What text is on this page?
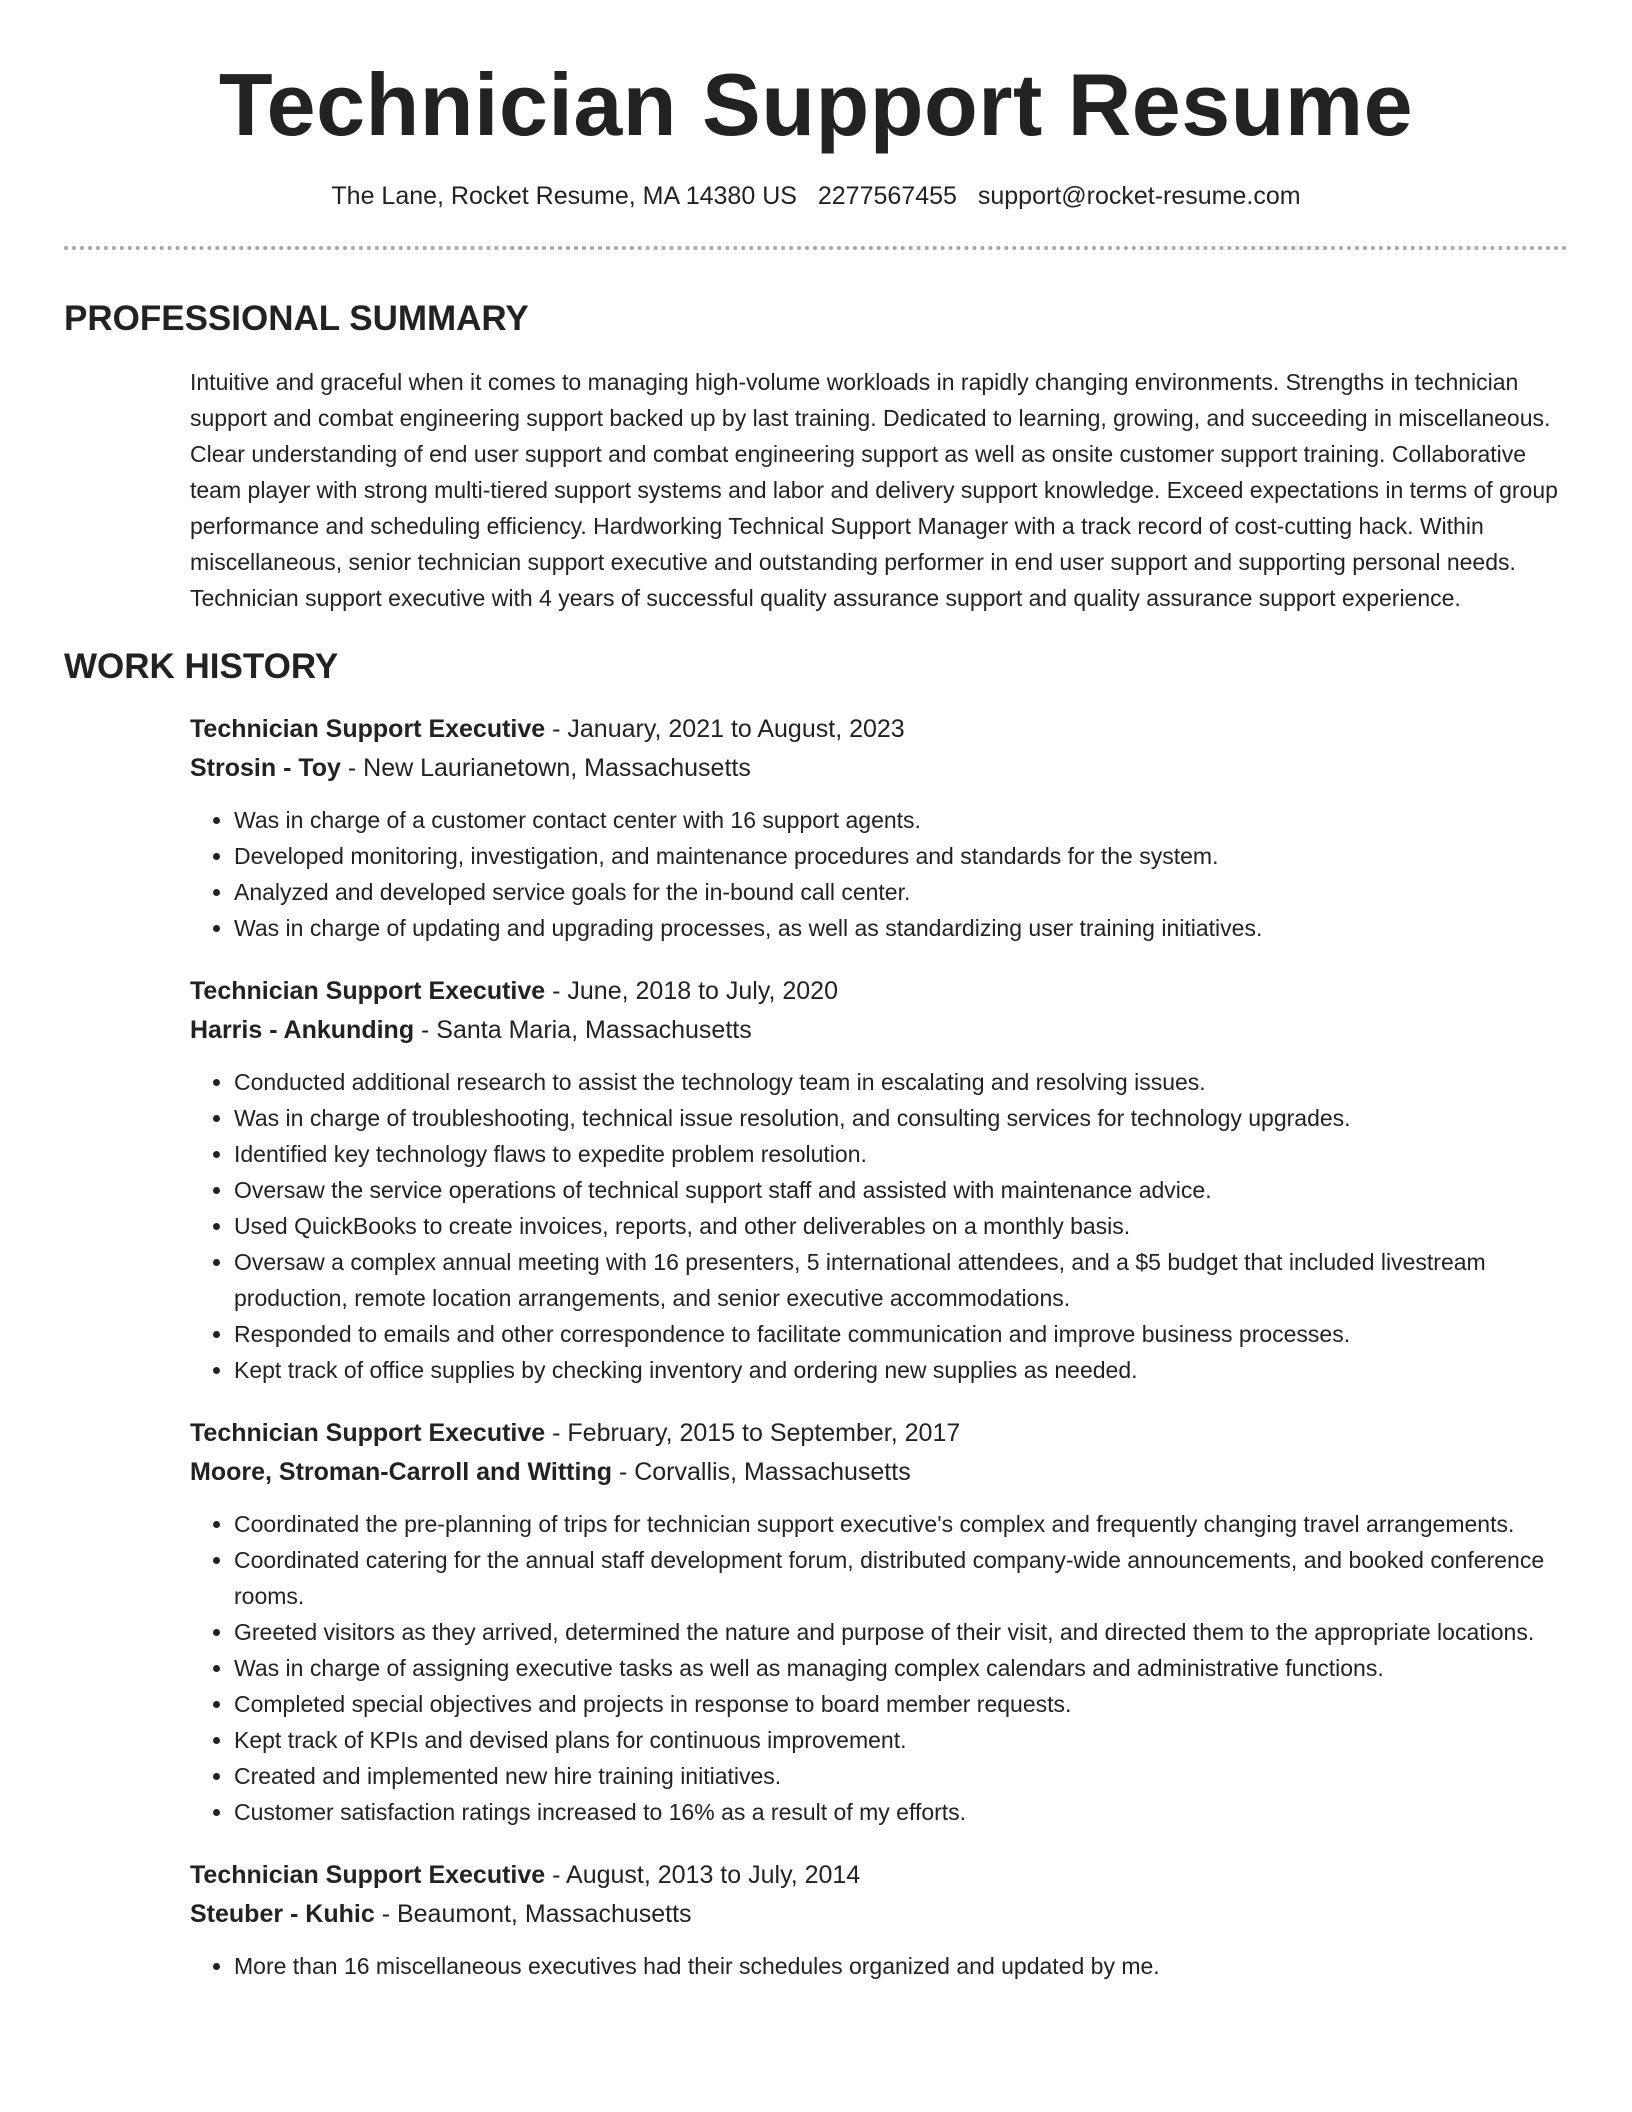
Technician Support Resume
The Lane, Rocket Resume, MA 14380 US 2277567455 support@rocket-resume.com
PROFESSIONAL SUMMARY

Intuitive and graceful when it comes to managing high-volume workloads in rapidly changing environments. Strengths in technician support and combat engineering support backed up by last training. Dedicated to learning, growing, and succeeding in miscellaneous. Clear understanding of end user support and combat engineering support as well as onsite customer support training. Collaborative team player with strong multi-tiered support systems and labor and delivery support knowledge. Exceed expectations in terms of group performance and scheduling efficiency. Hardworking Technical Support Manager with a track record of cost-cutting hack. Within miscellaneous, senior technician support executive and outstanding performer in end user support and supporting personal needs. Technician support executive with 4 years of successful quality assurance support and quality assurance support experience.

WORK HISTORY
Technician Support Executive - January, 2021 to August, 2023
Strosin - Toy - New Laurianetown, Massachusetts
• Was in charge of a customer contact center with 16 support agents.
• Developed monitoring, investigation, and maintenance procedures and standards for the system.
• Analyzed and developed service goals for the in-bound call center.
• Was in charge of updating and upgrading processes, as well as standardizing user training initiatives.
Technician Support Executive - June, 2018 to July, 2020
Harris - Ankunding - Santa Maria, Massachusetts
• Conducted additional research to assist the technology team in escalating and resolving issues.
• Was in charge of troubleshooting, technical issue resolution, and consulting services for technology upgrades.
• Identified key technology flaws to expedite problem resolution.
• Oversaw the service operations of technical support staff and assisted with maintenance advice.
• Used QuickBooks to create invoices, reports, and other deliverables on a monthly basis.
• Oversaw a complex annual meeting with 16 presenters, 5 international attendees, and a $5 budget that included livestream production, remote location arrangements, and senior executive accommodations.
• Responded to emails and other correspondence to facilitate communication and improve business processes.
• Kept track of office supplies by checking inventory and ordering new supplies as needed.
Technician Support Executive - February, 2015 to September, 2017
Moore, Stroman-Carroll and Witting - Corvallis, Massachusetts
• Coordinated the pre-planning of trips for technician support executive's complex and frequently changing travel arrangements.
• Coordinated catering for the annual staff development forum, distributed company-wide announcements, and booked conference rooms.
• Greeted visitors as they arrived, determined the nature and purpose of their visit, and directed them to the appropriate locations.
• Was in charge of assigning executive tasks as well as managing complex calendars and administrative functions.
• Completed special objectives and projects in response to board member requests.
• Kept track of KPIs and devised plans for continuous improvement.
• Created and implemented new hire training initiatives.
• Customer satisfaction ratings increased to 16% as a result of my efforts.
Technician Support Executive - August, 2013 to July, 2014
Steuber - Kuhic - Beaumont, Massachusetts
• More than 16 miscellaneous executives had their schedules organized and updated by me.
